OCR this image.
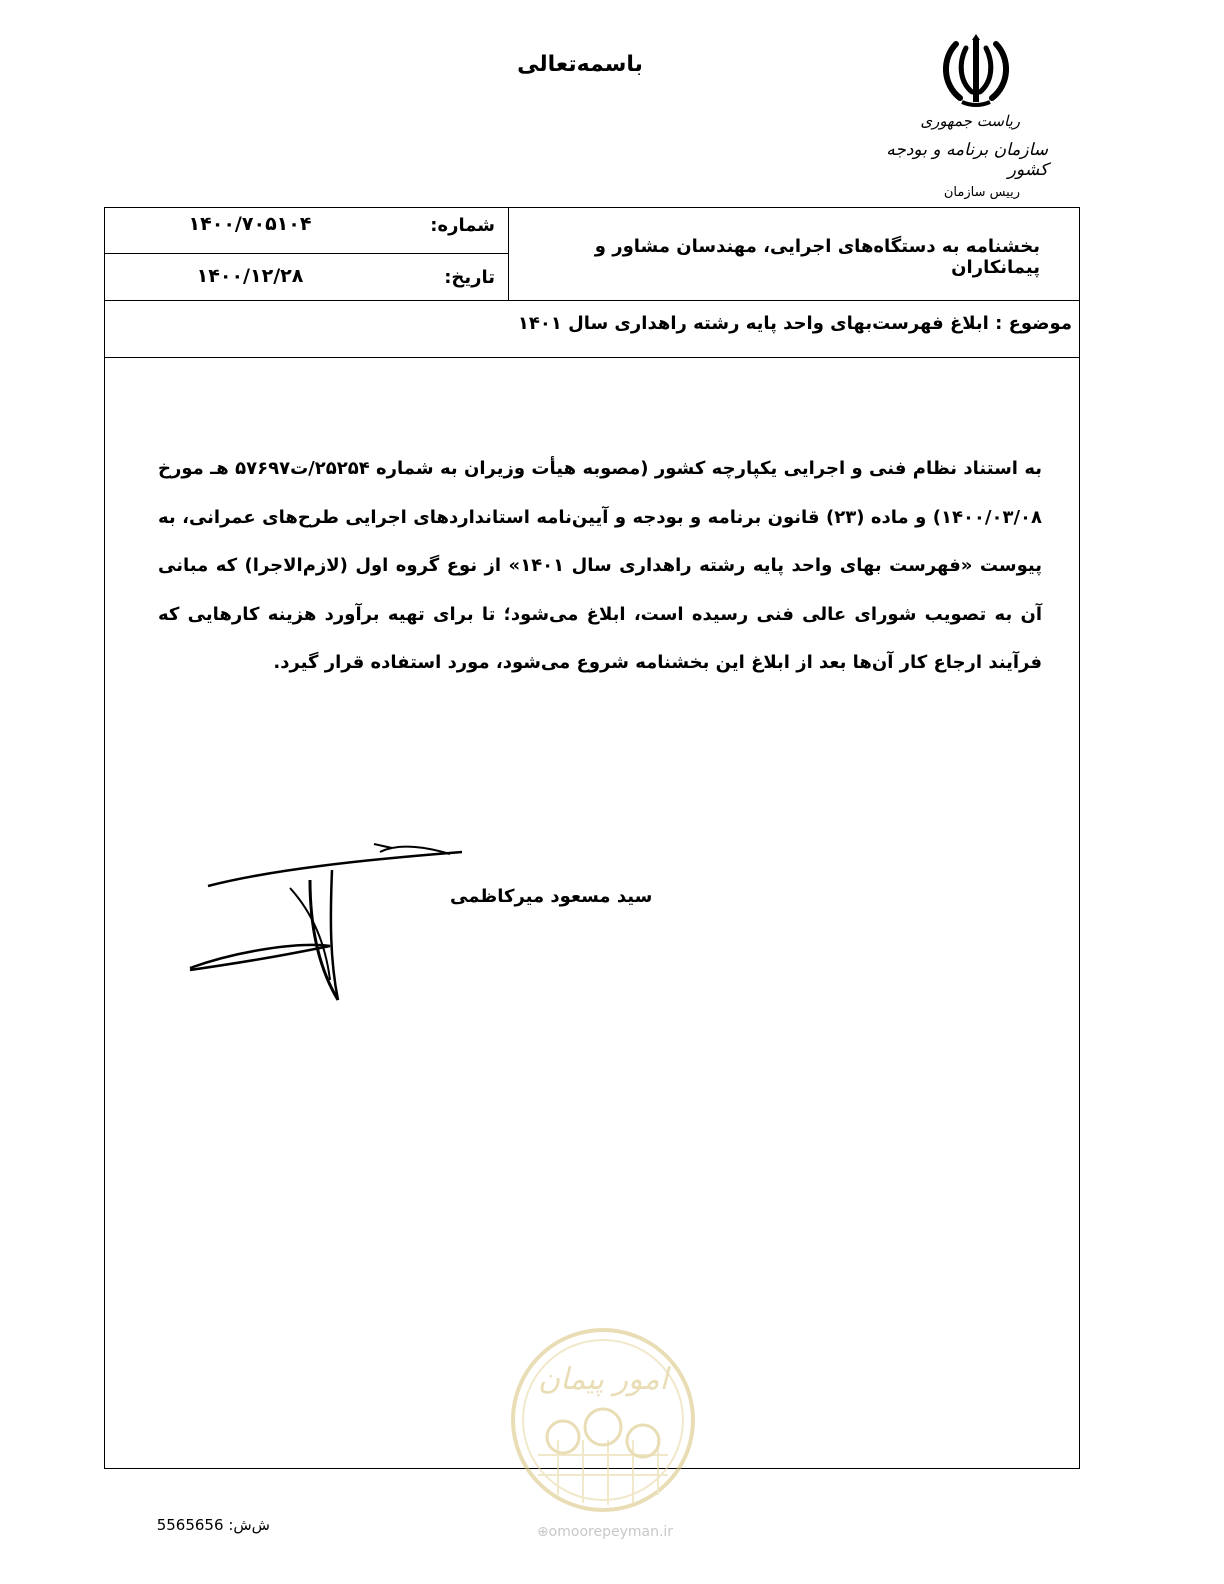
باسمه‌تعالی
ریاست جمهوری
سازمان برنامه و بودجه کشور
رییس سازمان
بخشنامه به دستگاه‌های اجرایی، مهندسان مشاور و پیمانکاران
شماره:
۱۴۰۰/۷۰۵۱۰۴
تاریخ:
۱۴۰۰/۱۲/۲۸
موضوع : ابلاغ فهرست‌بهای واحد پایه رشته راهداری سال ۱۴۰۱
به استناد نظام فنی و اجرایی یکپارچه کشور (مصوبه هیأت وزیران به شماره ۲۵۲۵۴/ت۵۷۶۹۷ هـ مورخ ۱۴۰۰/۰۳/۰۸) و ماده (۲۳) قانون برنامه و بودجه و آیین‌نامه استانداردهای اجرایی طرح‌های عمرانی، به پیوست «فهرست بهای واحد پایه رشته راهداری سال ۱۴۰۱» از نوع گروه اول (لازم‌الاجرا) که مبانی آن به تصویب شورای عالی فنی رسیده است، ابلاغ می‌شود؛ تا برای تهیه برآورد هزینه کارهایی که فرآیند ارجاع کار آن‌ها بعد از ابلاغ این بخشنامه شروع می‌شود، مورد استفاده قرار گیرد.
سید مسعود میرکاظمی
امور پیمان
⊕omoorepeyman.ir
ش‌ش: 5565656
